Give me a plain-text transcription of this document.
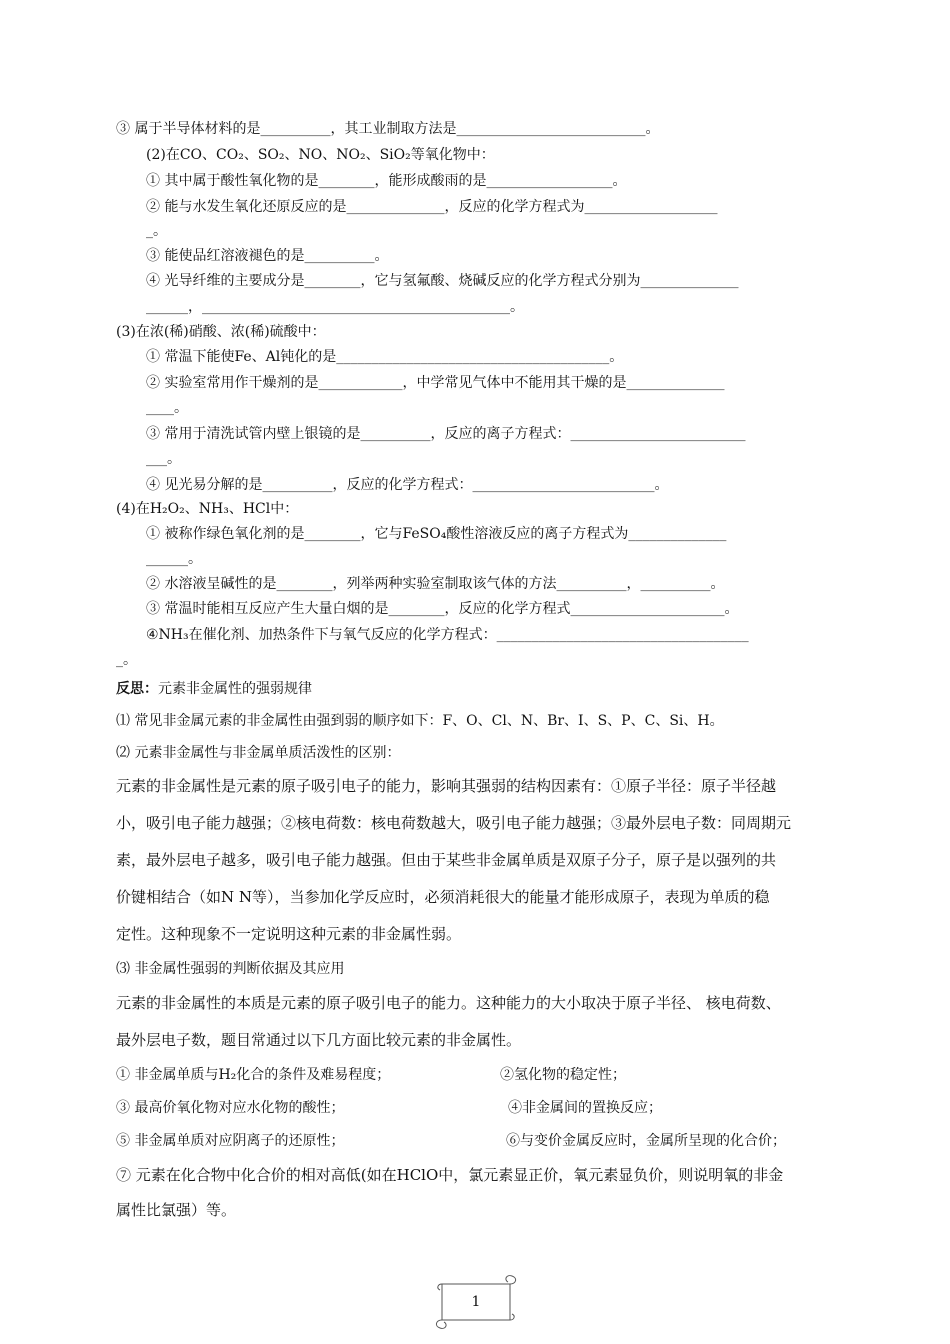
③ 属于半导体材料的是__________，其工业制取方法是___________________________。
(2)在CO、CO₂、SO₂、NO、NO₂、SiO₂等氧化物中：
① 其中属于酸性氧化物的是________，能形成酸雨的是__________________。
② 能与水发生氧化还原反应的是______________，反应的化学方程式为___________________
_。
③ 能使品红溶液褪色的是__________。
④ 光导纤维的主要成分是________，它与氢氟酸、烧碱反应的化学方程式分别为______________
______，____________________________________________。
(3)在浓(稀)硝酸、浓(稀)硫酸中：
① 常温下能使Fe、Al钝化的是_______________________________________。
② 实验室常用作干燥剂的是____________，中学常见气体中不能用其干燥的是______________
____。
③ 常用于清洗试管内壁上银镜的是__________，反应的离子方程式：_________________________
___。
④ 见光易分解的是__________，反应的化学方程式：__________________________。
(4)在H₂O₂、NH₃、HCl中：
① 被称作绿色氧化剂的是________，它与FeSO₄酸性溶液反应的离子方程式为______________
______。
② 水溶液呈碱性的是________，列举两种实验室制取该气体的方法__________，__________。
③ 常温时能相互反应产生大量白烟的是________，反应的化学方程式______________________。
④NH₃在催化剂、加热条件下与氧气反应的化学方程式：____________________________________
_。
反思：元素非金属性的强弱规律
⑴ 常见非金属元素的非金属性由强到弱的顺序如下：F、O、Cl、N、Br、I、S、P、C、Si、H。
⑵ 元素非金属性与非金属单质活泼性的区别：
元素的非金属性是元素的原子吸引电子的能力，影响其强弱的结构因素有：①原子半径：原子半径越
小，吸引电子能力越强；②核电荷数：核电荷数越大，吸引电子能力越强；③最外层电子数：同周期元
素，最外层电子越多，吸引电子能力越强。但由于某些非金属单质是双原子分子，原子是以强列的共
价键相结合（如N N等），当参加化学反应时，必须消耗很大的能量才能形成原子，表现为单质的稳
定性。这种现象不一定说明这种元素的非金属性弱。
⑶ 非金属性强弱的判断依据及其应用
元素的非金属性的本质是元素的原子吸引电子的能力。这种能力的大小取决于原子半径、 核电荷数、
最外层电子数，题目常通过以下几方面比较元素的非金属性。
① 非金属单质与H₂化合的条件及难易程度；	②氢化物的稳定性；
③ 最高价氧化物对应水化物的酸性；	④非金属间的置换反应；
⑤ 非金属单质对应阴离子的还原性；	⑥与变价金属反应时，金属所呈现的化合价；
⑦ 元素在化合物中化合价的相对高低(如在HClO中，氯元素显正价，氧元素显负价，则说明氧的非金
属性比氯强）等。
1
